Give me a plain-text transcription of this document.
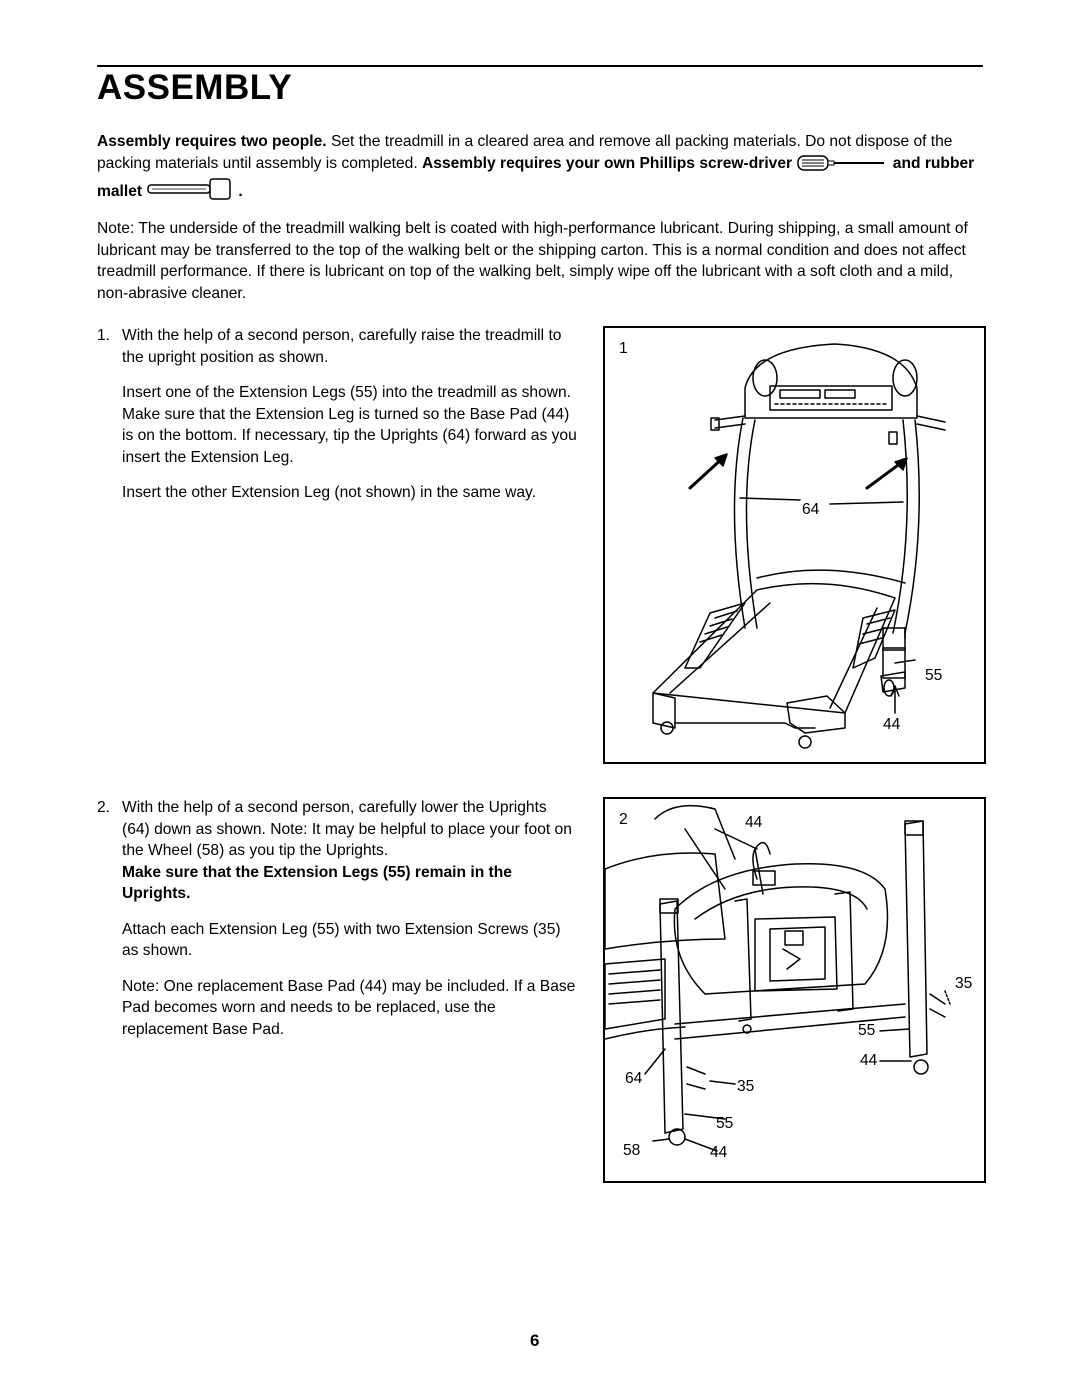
ASSEMBLY

Assembly requires two people. Set the treadmill in a cleared area and remove all packing materials. Do not dispose of the packing materials until assembly is completed. Assembly requires your own Phillips screw-driver	and rubber mallet	.

Note: The underside of the treadmill walking belt is coated with high-performance lubricant. During shipping, a small amount of lubricant may be transferred to the top of the walking belt or the shipping carton. This is a normal condition and does not affect treadmill performance. If there is lubricant on top of the walking belt, simply wipe off the lubricant with a soft cloth and a mild, non-abrasive cleaner.

1. With the help of a second person, carefully raise the treadmill to the upright position as shown.

Insert one of the Extension Legs (55) into the treadmill as shown. Make sure that the Extension Leg is turned so the Base Pad (44) is on the bottom. If necessary, tip the Uprights (64) forward as you insert the Extension Leg.

Insert the other Extension Leg (not shown) in the same way.

2. With the help of a second person, carefully lower the Uprights (64) down as shown. Note: It may be helpful to place your foot on the Wheel (58) as you tip the Uprights.

Make sure that the Extension Legs (55) remain in the Uprights.

Attach each Extension Leg (55) with two Extension Screws (35) as shown.

Note: One replacement Base Pad (44) may be included. If a Base Pad becomes worn and needs to be replaced, use the replacement Base Pad.

1
64
55
44
2	44
35
55
44
64	35
55
58	44
6
